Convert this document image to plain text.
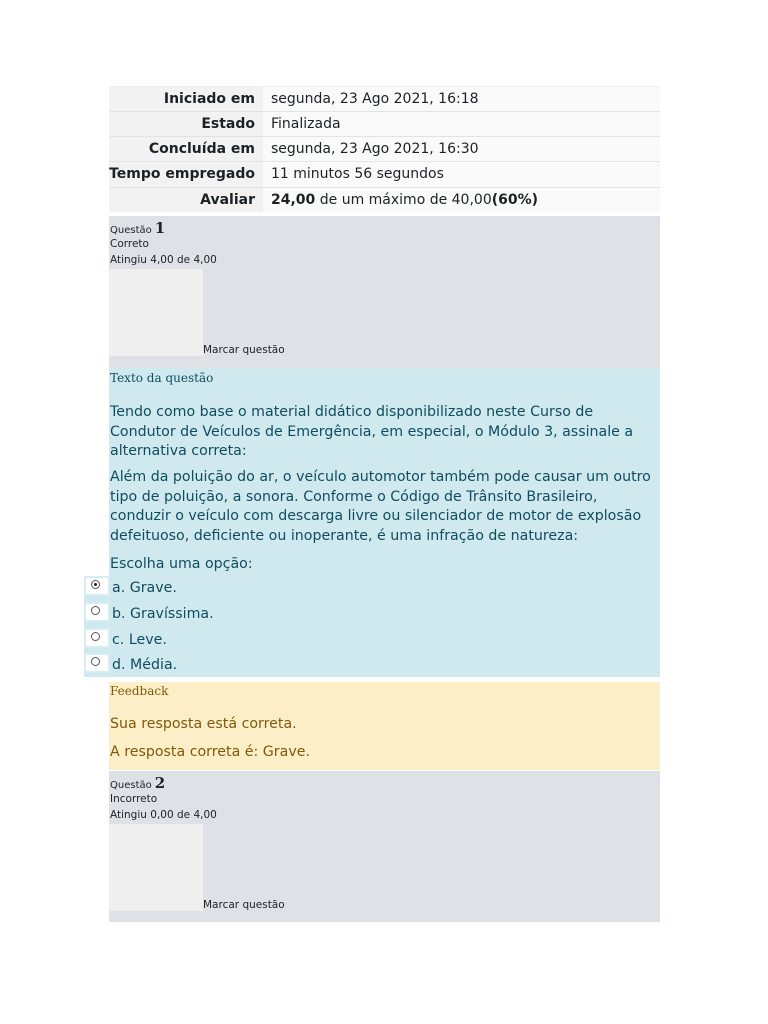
Iniciado em	segunda, 23 Ago 2021, 16:18
Estado	Finalizada
Concluída em	segunda, 23 Ago 2021, 16:30
Tempo empregado	11 minutos 56 segundos
Avaliar	24,00 de um máximo de 40,00(60%)
Questão 1
Correto
Atingiu 4,00 de 4,00
Marcar questão
Texto da questão
Tendo como base o material didático disponibilizado neste Curso de Condutor de Veículos de Emergência, em especial, o Módulo 3, assinale a alternativa correta:
Além da poluição do ar, o veículo automotor também pode causar um outro tipo de poluição, a sonora. Conforme o Código de Trânsito Brasileiro, conduzir o veículo com descarga livre ou silenciador de motor de explosão defeituoso, deficiente ou inoperante, é uma infração de natureza:
Escolha uma opção:
a. Grave.
b. Gravíssima.
c. Leve.
d. Média.
Feedback
Sua resposta está correta.
A resposta correta é: Grave.
Questão 2
Incorreto
Atingiu 0,00 de 4,00
Marcar questão
